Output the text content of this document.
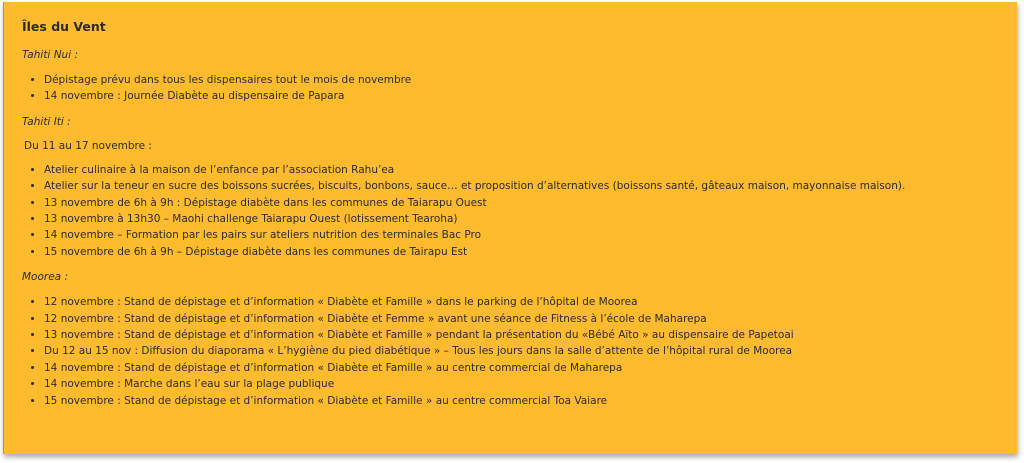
Îles du Vent
Tahiti Nui :
• Dépistage prévu dans tous les dispensaires tout le mois de novembre
• 14 novembre : Journée Diabète au dispensaire de Papara
Tahiti Iti :
Du 11 au 17 novembre :
• Atelier culinaire à la maison de l’enfance par l’association Rahu’ea
• Atelier sur la teneur en sucre des boissons sucrées, biscuits, bonbons, sauce… et proposition d’alternatives (boissons santé, gâteaux maison, mayonnaise maison).
• 13 novembre de 6h à 9h : Dépistage diabète dans les communes de Taiarapu Ouest
• 13 novembre à 13h30 – Maohi challenge Taiarapu Ouest (lotissement Tearoha)
• 14 novembre – Formation par les pairs sur ateliers nutrition des terminales Bac Pro
• 15 novembre de 6h à 9h – Dépistage diabète dans les communes de Tairapu Est
Moorea :
• 12 novembre : Stand de dépistage et d’information « Diabète et Famille » dans le parking de l’hôpital de Moorea
• 12 novembre : Stand de dépistage et d’information « Diabète et Femme » avant une séance de Fitness à l’école de Maharepa
• 13 novembre : Stand de dépistage et d’information « Diabète et Famille » pendant la présentation du «Bébé Aïto » au dispensaire de Papetoai
• Du 12 au 15 nov : Diffusion du diaporama « L’hygiène du pied diabétique » – Tous les jours dans la salle d’attente de l’hôpital rural de Moorea
• 14 novembre : Stand de dépistage et d’information « Diabète et Famille » au centre commercial de Maharepa
• 14 novembre : Marche dans l’eau sur la plage publique
• 15 novembre : Stand de dépistage et d’information « Diabète et Famille » au centre commercial Toa Vaiare
